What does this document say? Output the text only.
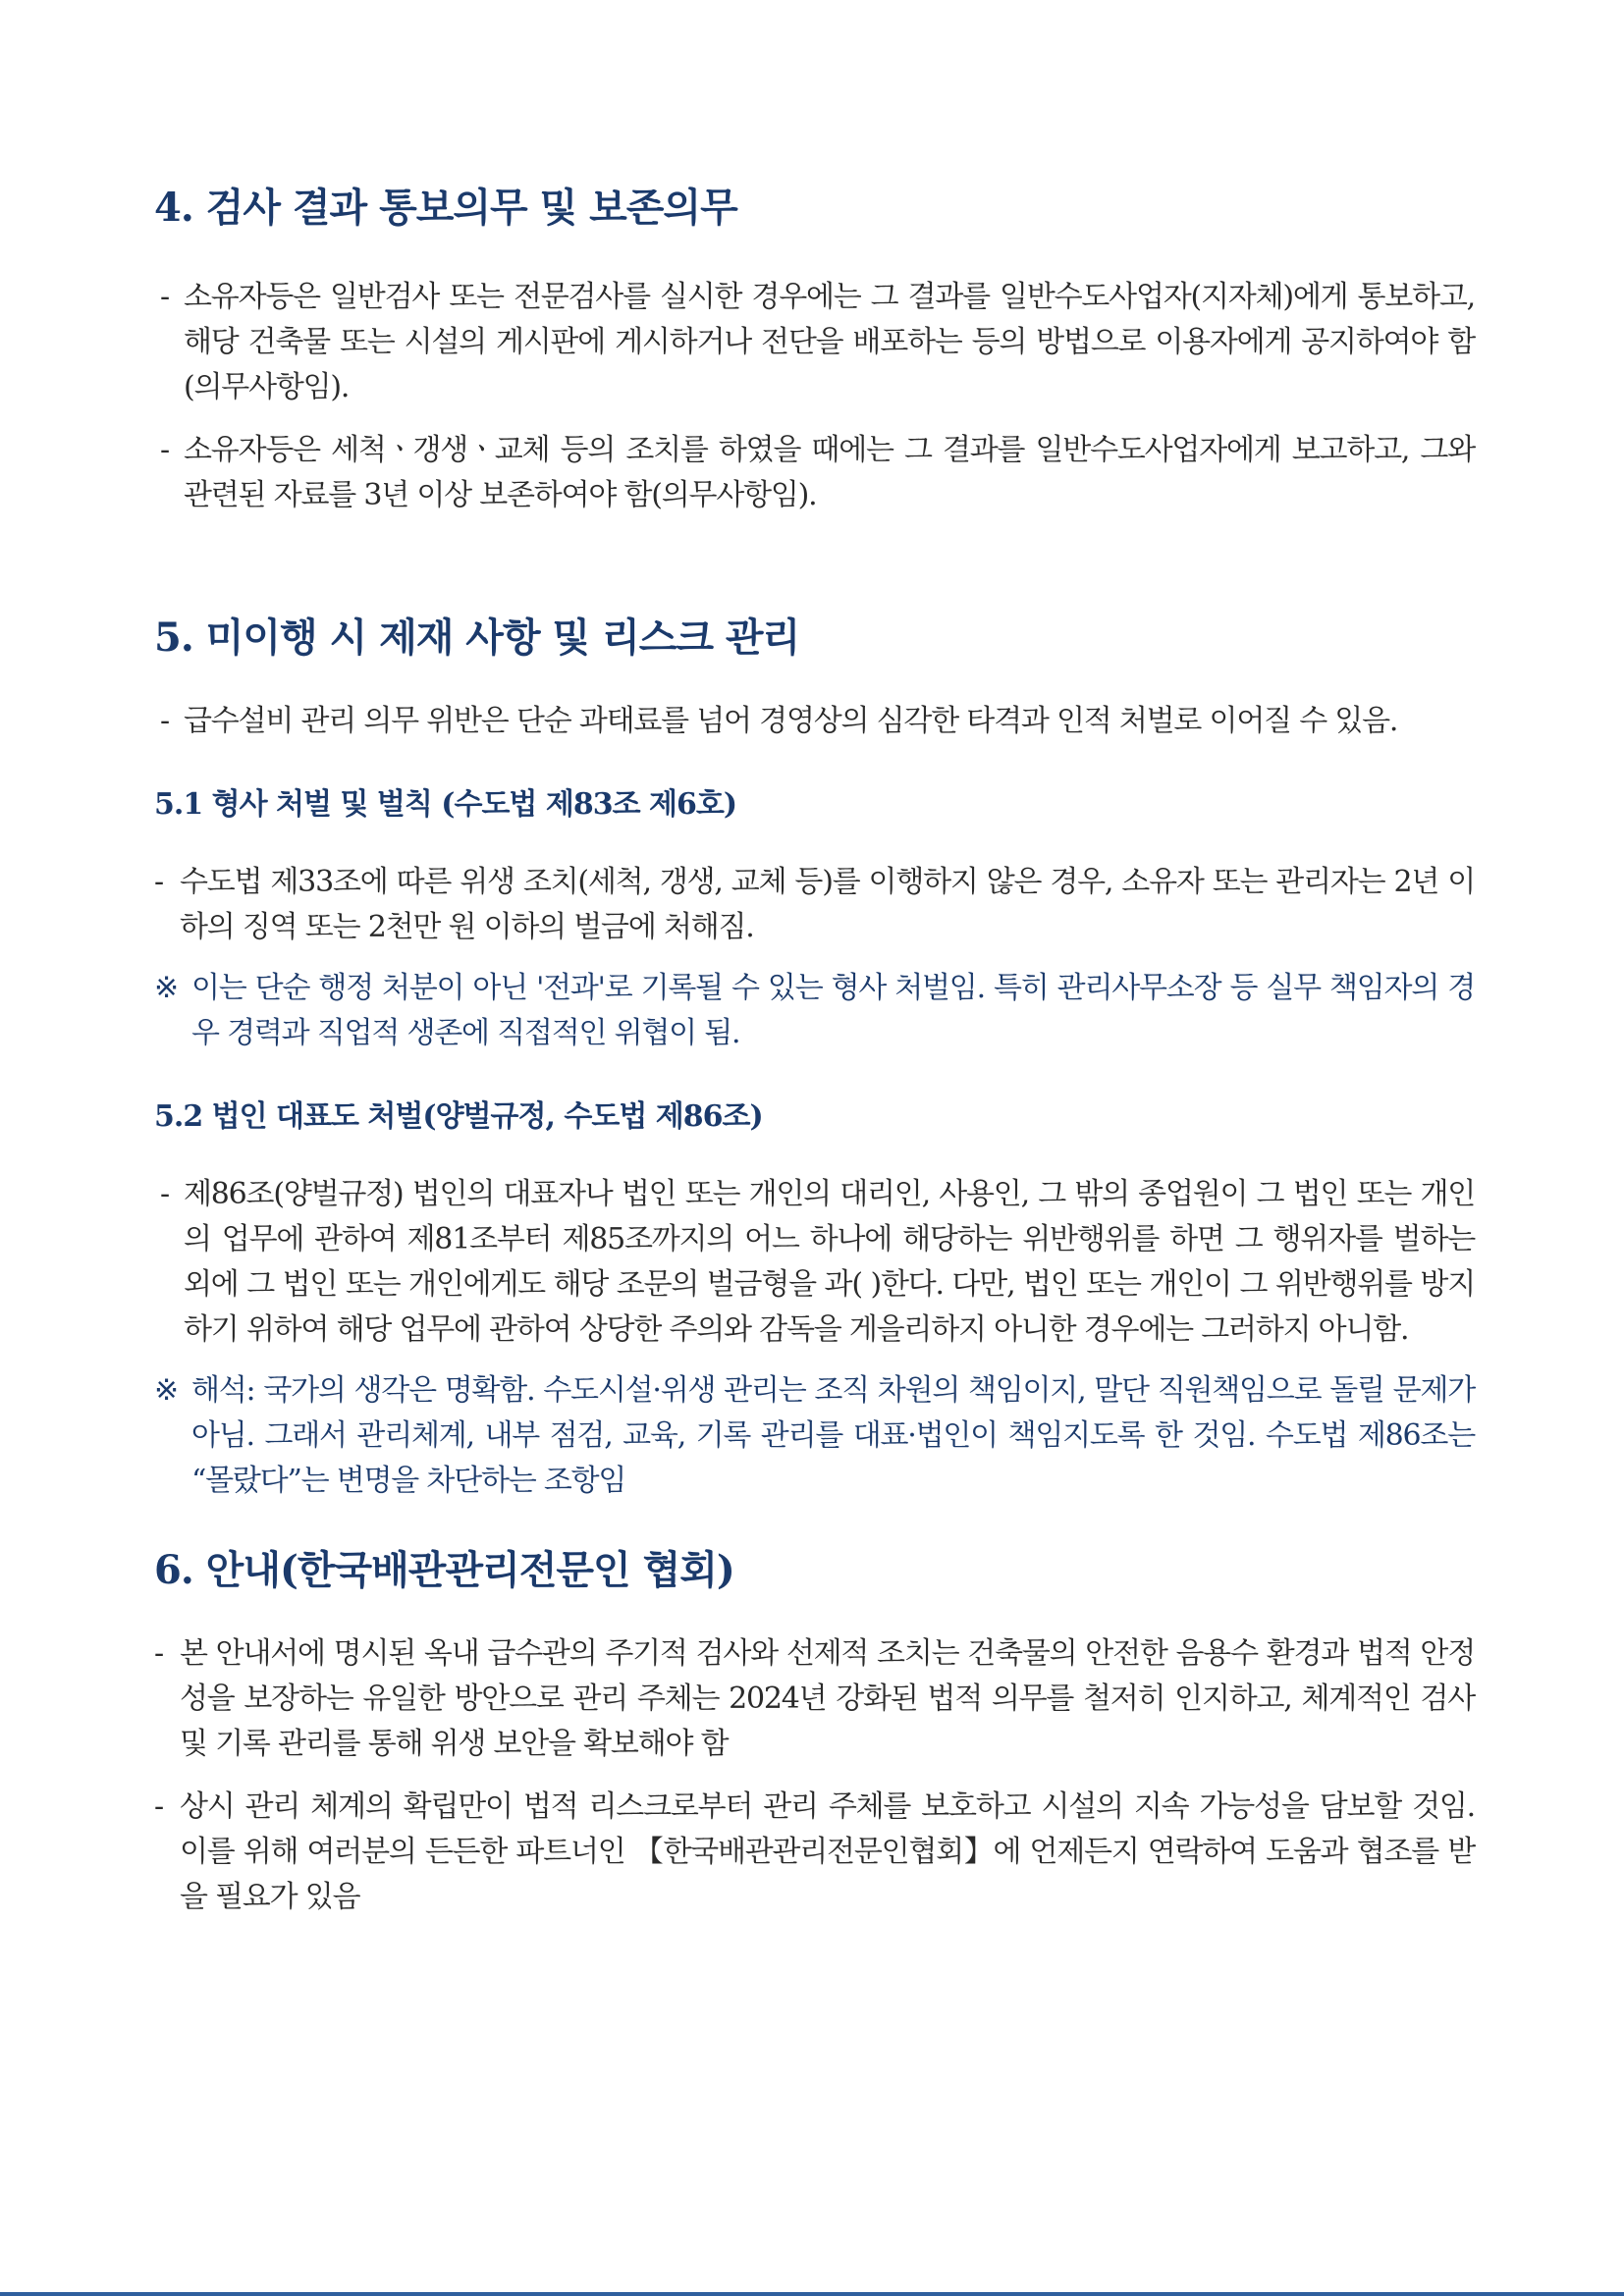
4. 검사 결과 통보의무 및 보존의무
- 소유자등은 일반검사 또는 전문검사를 실시한 경우에는 그 결과를 일반수도사업자(지자체)에게 통보하고, 해당 건축물 또는 시설의 게시판에 게시하거나 전단을 배포하는 등의 방법으로 이용자에게 공지하여야 함(의무사항임).
- 소유자등은 세척ㆍ갱생ㆍ교체 등의 조치를 하였을 때에는 그 결과를 일반수도사업자에게 보고하고, 그와 관련된 자료를 3년 이상 보존하여야 함(의무사항임).
5. 미이행 시 제재 사항 및 리스크 관리
- 급수설비 관리 의무 위반은 단순 과태료를 넘어 경영상의 심각한 타격과 인적 처벌로 이어질 수 있음.
5.1 형사 처벌 및 벌칙 (수도법 제83조 제6호)
- 수도법 제33조에 따른 위생 조치(세척, 갱생, 교체 등)를 이행하지 않은 경우, 소유자 또는 관리자는 2년 이하의 징역 또는 2천만 원 이하의 벌금에 처해짐.
※ 이는 단순 행정 처분이 아닌 '전과'로 기록될 수 있는 형사 처벌임. 특히 관리사무소장 등 실무 책임자의 경우 경력과 직업적 생존에 직접적인 위협이 됨.
5.2 법인 대표도 처벌(양벌규정, 수도법 제86조)
- 제86조(양벌규정) 법인의 대표자나 법인 또는 개인의 대리인, 사용인, 그 밖의 종업원이 그 법인 또는 개인의 업무에 관하여 제81조부터 제85조까지의 어느 하나에 해당하는 위반행위를 하면 그 행위자를 벌하는 외에 그 법인 또는 개인에게도 해당 조문의 벌금형을 과( )한다. 다만, 법인 또는 개인이 그 위반행위를 방지하기 위하여 해당 업무에 관하여 상당한 주의와 감독을 게을리하지 아니한 경우에는 그러하지 아니함.
※ 해석: 국가의 생각은 명확함. 수도시설·위생 관리는 조직 차원의 책임이지, 말단 직원책임으로 돌릴 문제가 아님. 그래서 관리체계, 내부 점검, 교육, 기록 관리를 대표·법인이 책임지도록 한 것임. 수도법 제86조는 “몰랐다”는 변명을 차단하는 조항임
6. 안내(한국배관관리전문인 협회)
- 본 안내서에 명시된 옥내 급수관의 주기적 검사와 선제적 조치는 건축물의 안전한 음용수 환경과 법적 안정성을 보장하는 유일한 방안으로 관리 주체는 2024년 강화된 법적 의무를 철저히 인지하고, 체계적인 검사 및 기록 관리를 통해 위생 보안을 확보해야 함
- 상시 관리 체계의 확립만이 법적 리스크로부터 관리 주체를 보호하고 시설의 지속 가능성을 담보할 것임. 이를 위해 여러분의 든든한 파트너인 【한국배관관리전문인협회】에 언제든지 연락하여 도움과 협조를 받을 필요가 있음
